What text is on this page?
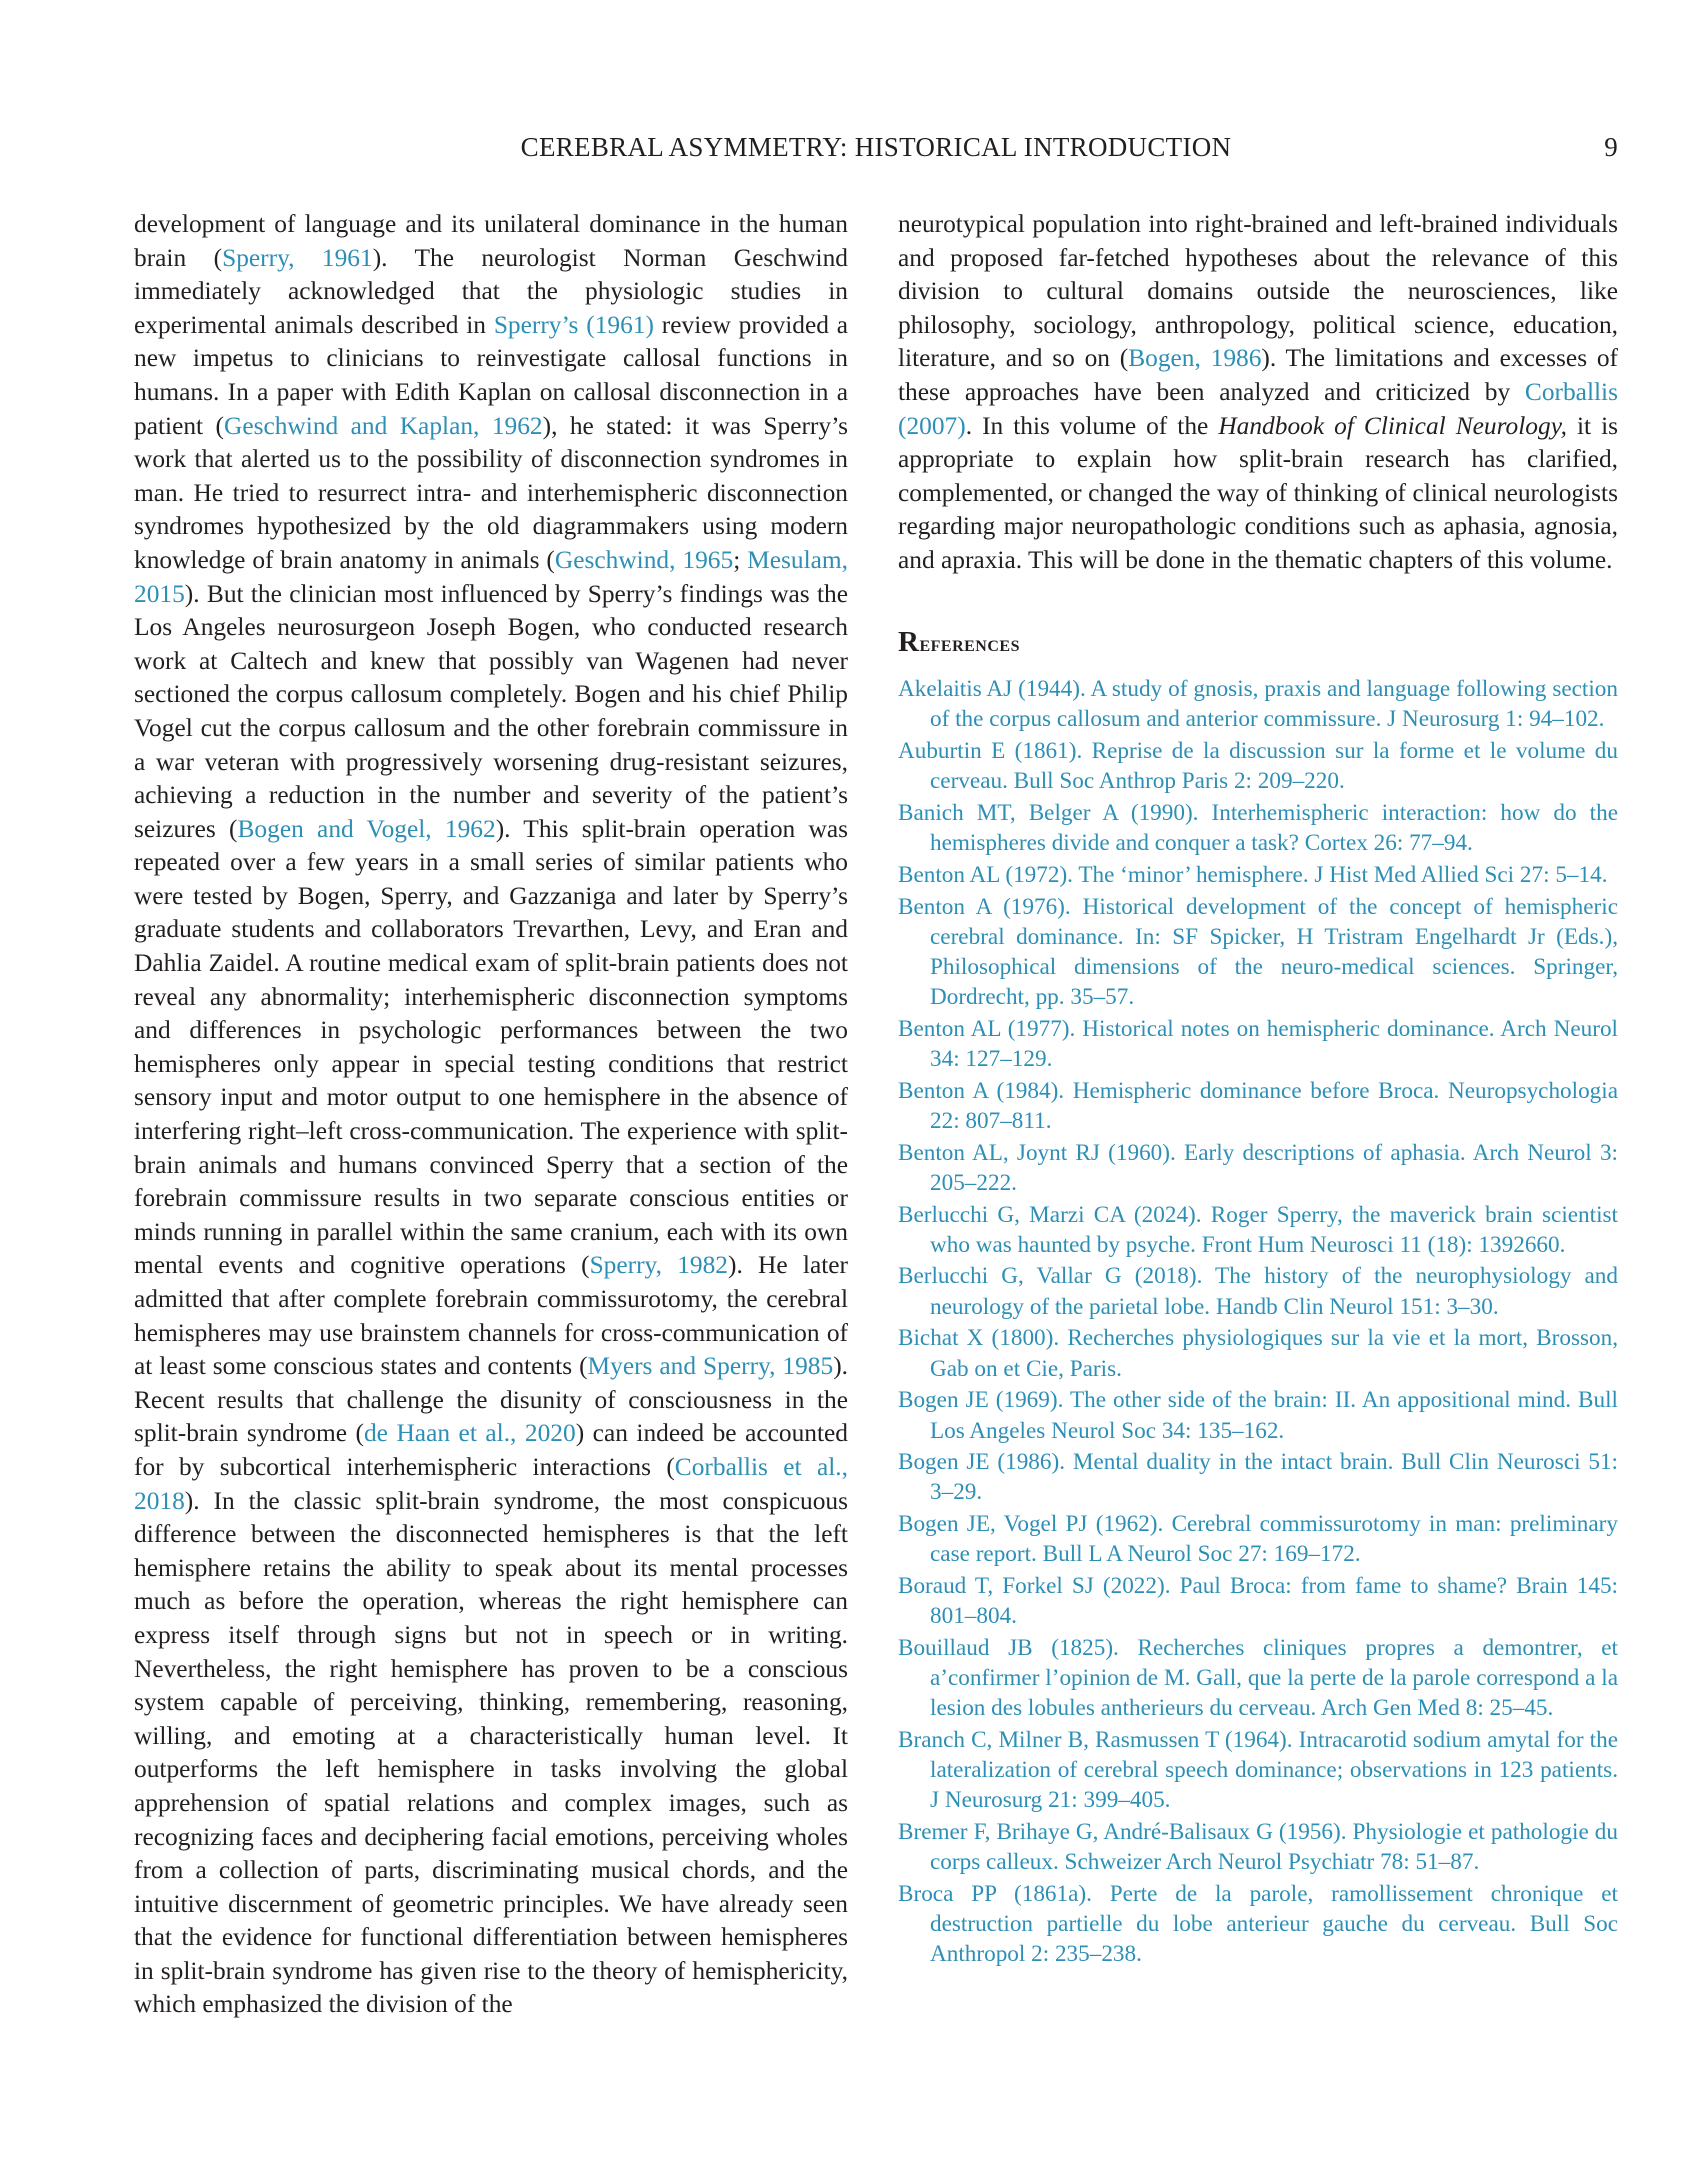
CEREBRAL ASYMMETRY: HISTORICAL INTRODUCTION	9

development of language and its unilateral dominance in the human brain (Sperry, 1961). The neurologist Norman Geschwind immediately acknowledged that the physiologic studies in experimental animals described in Sperry’s (1961) review provided a new impetus to clinicians to reinvestigate callosal functions in humans. In a paper with Edith Kaplan on callosal disconnection in a patient (Geschwind and Kaplan, 1962), he stated: it was Sperry’s work that alerted us to the possibility of disconnection syndromes in man. He tried to resurrect intra- and interhemispheric disconnection syndromes hypothesized by the old diagrammakers using modern knowledge of brain anatomy in animals (Geschwind, 1965; Mesulam, 2015). But the clinician most influenced by Sperry’s findings was the Los Angeles neurosurgeon Joseph Bogen, who conducted research work at Caltech and knew that possibly van Wagenen had never sectioned the corpus callosum completely. Bogen and his chief Philip Vogel cut the corpus callosum and the other forebrain commissure in a war veteran with progressively worsening drug-resistant seizures, achieving a reduction in the number and severity of the patient’s seizures (Bogen and Vogel, 1962). This split-brain operation was repeated over a few years in a small series of similar patients who were tested by Bogen, Sperry, and Gazzaniga and later by Sperry’s graduate students and collaborators Trevarthen, Levy, and Eran and Dahlia Zaidel. A routine medical exam of split-brain patients does not reveal any abnormality; interhemispheric disconnection symptoms and differences in psychologic performances between the two hemispheres only appear in special testing conditions that restrict sensory input and motor output to one hemisphere in the absence of interfering right–left cross-communication. The experience with split-brain animals and humans convinced Sperry that a section of the forebrain commissure results in two separate conscious entities or minds running in parallel within the same cranium, each with its own mental events and cognitive operations (Sperry, 1982). He later admitted that after complete forebrain commissurotomy, the cerebral hemispheres may use brainstem channels for cross-communication of at least some conscious states and contents (Myers and Sperry, 1985). Recent results that challenge the disunity of consciousness in the split-brain syndrome (de Haan et al., 2020) can indeed be accounted for by subcortical interhemispheric interactions (Corballis et al., 2018). In the classic split-brain syndrome, the most conspicuous difference between the disconnected hemispheres is that the left hemisphere retains the ability to speak about its mental processes much as before the operation, whereas the right hemisphere can express itself through signs but not in speech or in writing. Nevertheless, the right hemisphere has proven to be a conscious system capable of perceiving, thinking, remembering, reasoning, willing, and emoting at a characteristically human level. It outperforms the left hemisphere in tasks involving the global apprehension of spatial relations and complex images, such as recognizing faces and deciphering facial emotions, perceiving wholes from a collection of parts, discriminating musical chords, and the intuitive discernment of geometric principles. We have already seen that the evidence for functional differentiation between hemispheres in split-brain syndrome has given rise to the theory of hemisphericity, which emphasized the division of the

neurotypical population into right-brained and left-brained individuals and proposed far-fetched hypotheses about the relevance of this division to cultural domains outside the neurosciences, like philosophy, sociology, anthropology, political science, education, literature, and so on (Bogen, 1986). The limitations and excesses of these approaches have been analyzed and criticized by Corballis (2007). In this volume of the Handbook of Clinical Neurology, it is appropriate to explain how split-brain research has clarified, complemented, or changed the way of thinking of clinical neurologists regarding major neuropathologic conditions such as aphasia, agnosia, and apraxia. This will be done in the thematic chapters of this volume.

References
Akelaitis AJ (1944). A study of gnosis, praxis and language following section of the corpus callosum and anterior commissure. J Neurosurg 1: 94–102.
Auburtin E (1861). Reprise de la discussion sur la forme et le volume du cerveau. Bull Soc Anthrop Paris 2: 209–220.
Banich MT, Belger A (1990). Interhemispheric interaction: how do the hemispheres divide and conquer a task? Cortex 26: 77–94.
Benton AL (1972). The ‘minor’ hemisphere. J Hist Med Allied Sci 27: 5–14.
Benton A (1976). Historical development of the concept of hemispheric cerebral dominance. In: SF Spicker, H Tristram Engelhardt Jr (Eds.), Philosophical dimensions of the neuro-medical sciences. Springer, Dordrecht, pp. 35–57.
Benton AL (1977). Historical notes on hemispheric dominance. Arch Neurol 34: 127–129.
Benton A (1984). Hemispheric dominance before Broca. Neuropsychologia 22: 807–811.
Benton AL, Joynt RJ (1960). Early descriptions of aphasia. Arch Neurol 3: 205–222.
Berlucchi G, Marzi CA (2024). Roger Sperry, the maverick brain scientist who was haunted by psyche. Front Hum Neurosci 11 (18): 1392660.
Berlucchi G, Vallar G (2018). The history of the neurophysiology and neurology of the parietal lobe. Handb Clin Neurol 151: 3–30.
Bichat X (1800). Recherches physiologiques sur la vie et la mort, Brosson, Gab on et Cie, Paris.
Bogen JE (1969). The other side of the brain: II. An appositional mind. Bull Los Angeles Neurol Soc 34: 135–162.
Bogen JE (1986). Mental duality in the intact brain. Bull Clin Neurosci 51: 3–29.
Bogen JE, Vogel PJ (1962). Cerebral commissurotomy in man: preliminary case report. Bull L A Neurol Soc 27: 169–172.
Boraud T, Forkel SJ (2022). Paul Broca: from fame to shame? Brain 145: 801–804.
Bouillaud JB (1825). Recherches cliniques propres a demontrer, et a’confirmer l’opinion de M. Gall, que la perte de la parole correspond a la lesion des lobules antherieurs du cerveau. Arch Gen Med 8: 25–45.
Branch C, Milner B, Rasmussen T (1964). Intracarotid sodium amytal for the lateralization of cerebral speech dominance; observations in 123 patients. J Neurosurg 21: 399–405.
Bremer F, Brihaye G, André-Balisaux G (1956). Physiologie et pathologie du corps calleux. Schweizer Arch Neurol Psychiatr 78: 51–87.
Broca PP (1861a). Perte de la parole, ramollissement chronique et destruction partielle du lobe anterieur gauche du cerveau. Bull Soc Anthropol 2: 235–238.
